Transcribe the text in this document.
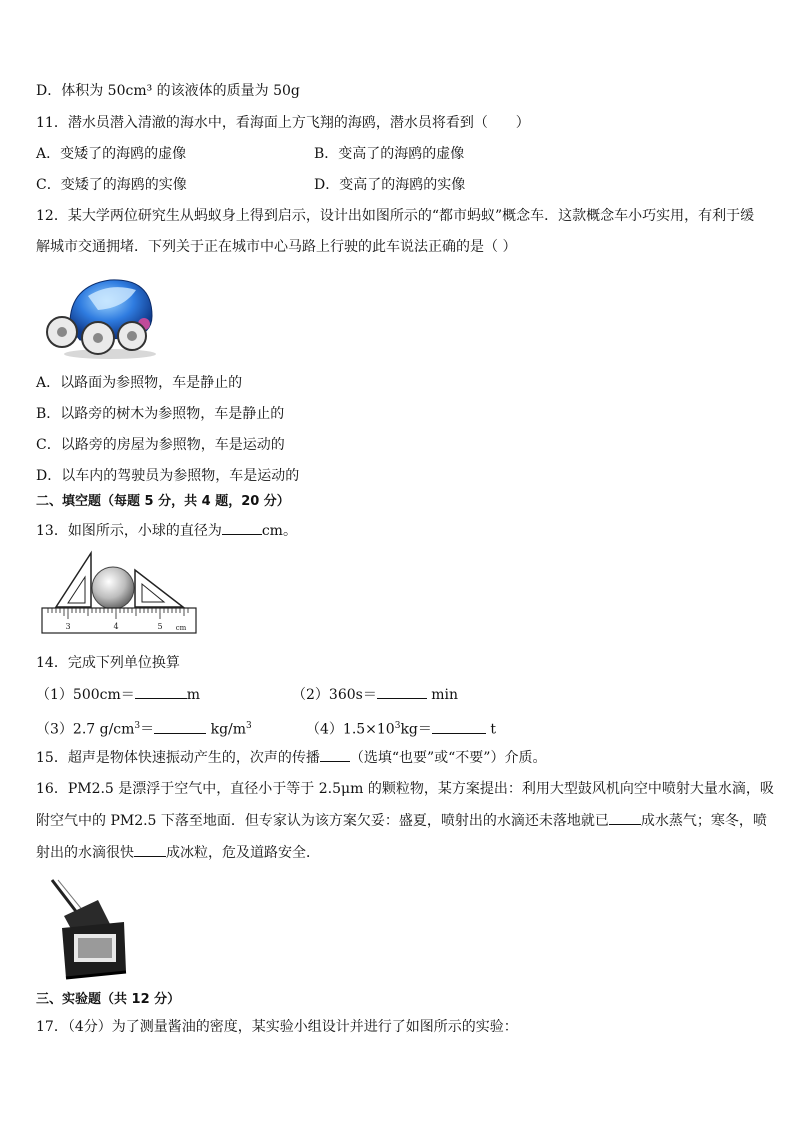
D．体积为 50cm³ 的该液体的质量为 50g
11．潜水员潜入清澈的海水中，看海面上方飞翔的海鸥，潜水员将看到（　　）
A．变矮了的海鸥的虚像	B．变高了的海鸥的虚像
C．变矮了的海鸥的实像	D．变高了的海鸥的实像
12．某大学两位研究生从蚂蚁身上得到启示，设计出如图所示的“都市蚂蚁”概念车．这款概念车小巧实用，有利于缓
解城市交通拥堵．下列关于正在城市中心马路上行驶的此车说法正确的是（ ）
A．以路面为参照物，车是静止的
B．以路旁的树木为参照物，车是静止的
C．以路旁的房屋为参照物，车是运动的
D．以车内的驾驶员为参照物，车是运动的
二、填空题（每题 5 分，共 4 题，20 分）
13．如图所示，小球的直径为	cm。
3	4	5 cm
14．完成下列单位换算
（1）500cm＝	m	（2）360s＝	min
（3）2.7 $g/cm^3=$	$kg/m^3$	$(4)1.5\times 10^3kg=$	t
15．超声是物体快速振动产生的，次声的传播 （选填“也要”或“不要”）介质。
16．PM2.5 是漂浮于空气中，直径小于等于 2.5μm 的颗粒物，某方案提出：利用大型鼓风机向空中喷射大量水滴，吸
附空气中的 PM2.5 下落至地面．但专家认为该方案欠妥：盛夏，喷射出的水滴还未落地就已 成水蒸气；寒冬，喷
射出的水滴很快 成冰粒，危及道路安全．
三、实验题（共 12 分）
17．（4分）为了测量酱油的密度，某实验小组设计并进行了如图所示的实验：
